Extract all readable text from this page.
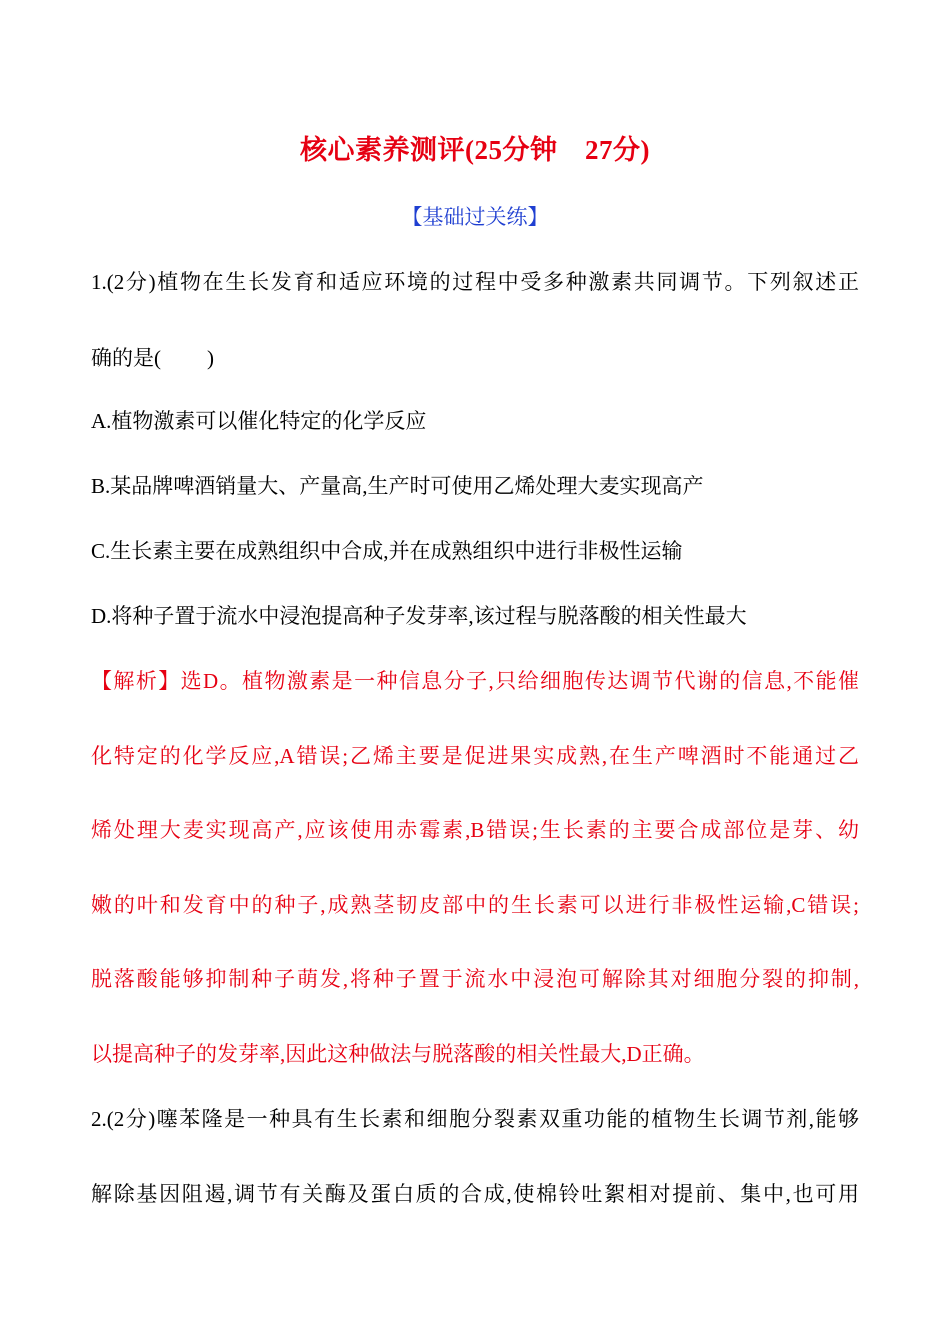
核心素养测评(25分钟　27分)
【基础过关练】
1.(2分)植物在生长发育和适应环境的过程中受多种激素共同调节。下列叙述正
确的是( )
A.植物激素可以催化特定的化学反应
B.某品牌啤酒销量大、产量高,生产时可使用乙烯处理大麦实现高产
C.生长素主要在成熟组织中合成,并在成熟组织中进行非极性运输
D.将种子置于流水中浸泡提高种子发芽率,该过程与脱落酸的相关性最大
【解析】选D。植物激素是一种信息分子,只给细胞传达调节代谢的信息,不能催
化特定的化学反应,A错误;乙烯主要是促进果实成熟,在生产啤酒时不能通过乙
烯处理大麦实现高产,应该使用赤霉素,B错误;生长素的主要合成部位是芽、幼
嫩的叶和发育中的种子,成熟茎韧皮部中的生长素可以进行非极性运输,C错误;
脱落酸能够抑制种子萌发,将种子置于流水中浸泡可解除其对细胞分裂的抑制,
以提高种子的发芽率,因此这种做法与脱落酸的相关性最大,D正确。
2.(2分)噻苯隆是一种具有生长素和细胞分裂素双重功能的植物生长调节剂,能够
解除基因阻遏,调节有关酶及蛋白质的合成,使棉铃吐絮相对提前、集中,也可用
